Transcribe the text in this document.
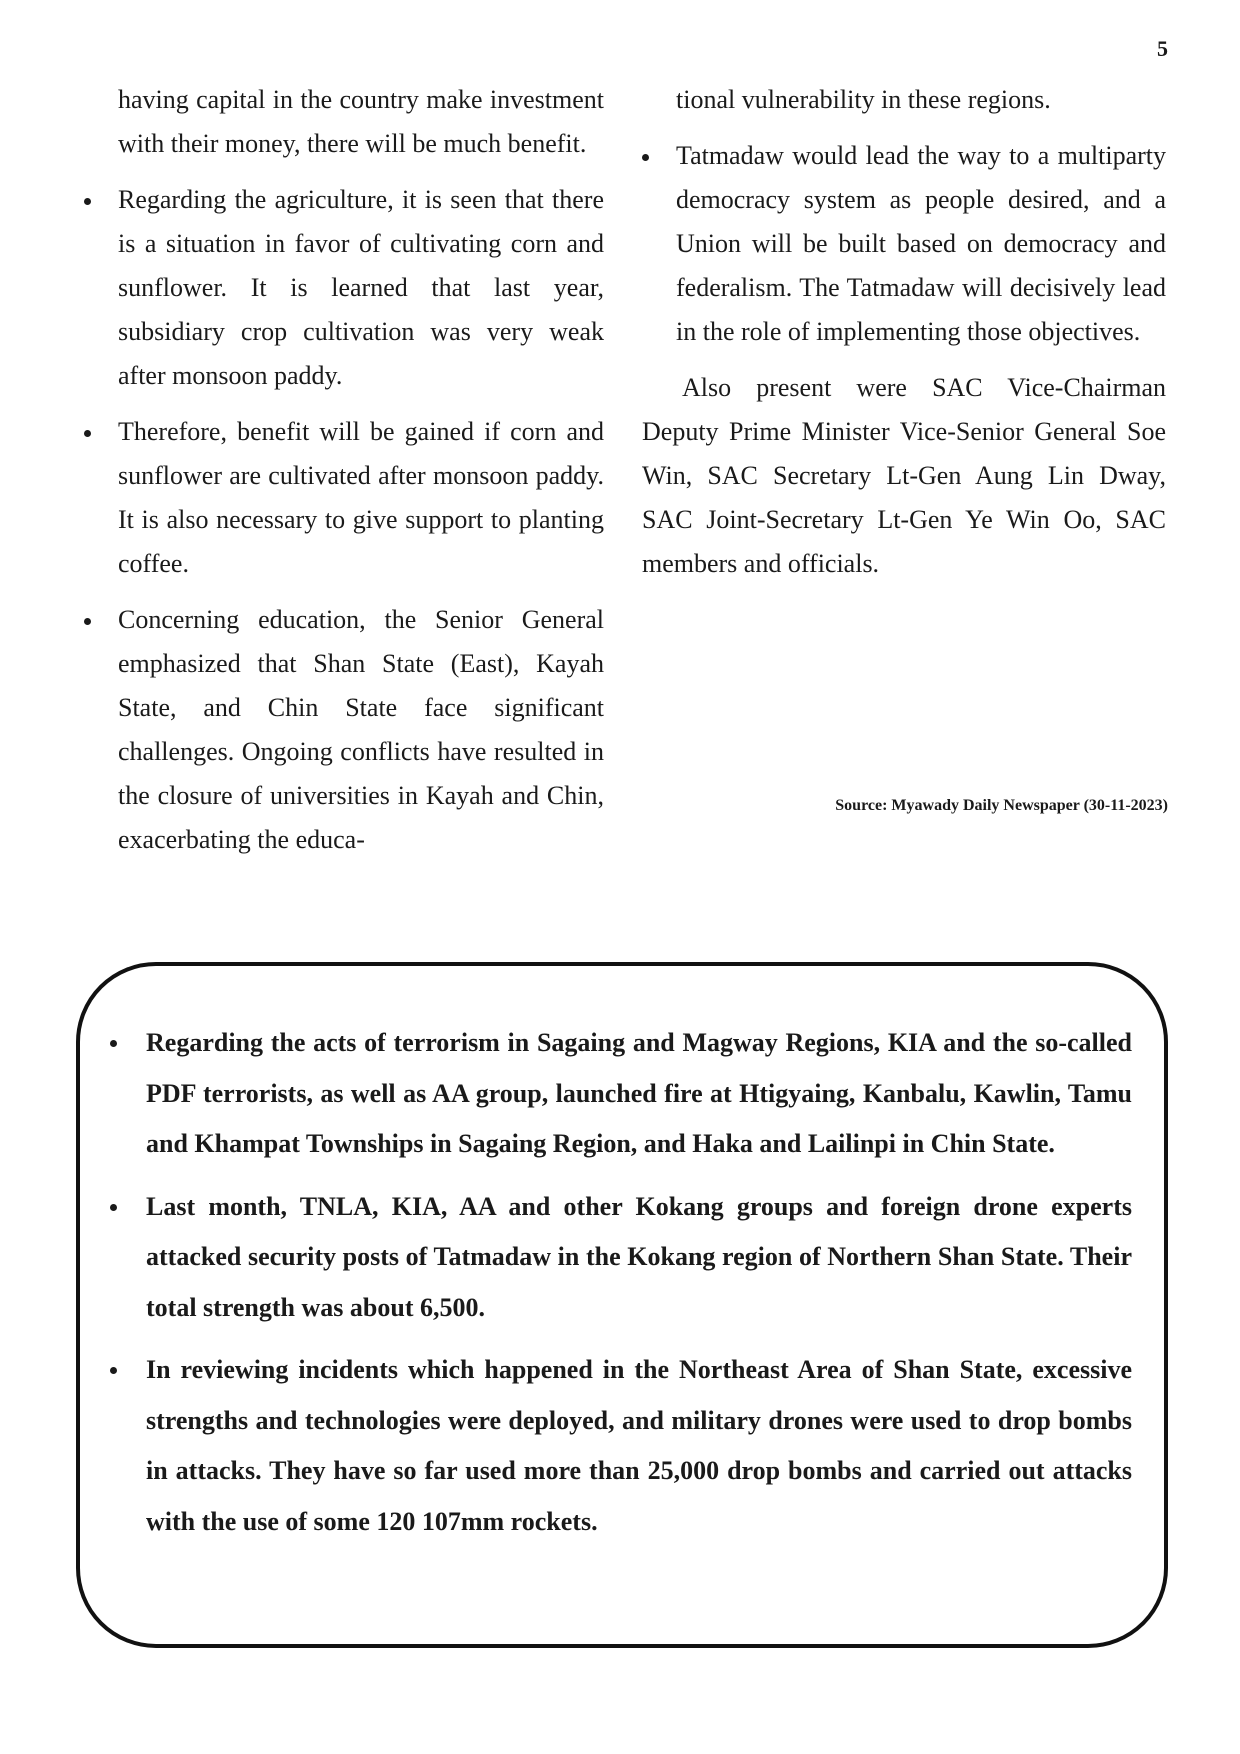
5

having capital in the country make investment with their money, there will be much benefit.

Regarding the agriculture, it is seen that there is a situation in favor of cultivating corn and sunflower. It is learned that last year, subsidiary crop cultivation was very weak after monsoon paddy.
Therefore, benefit will be gained if corn and sunflower are cultivated after monsoon paddy. It is also necessary to give support to planting coffee.
Concerning education, the Senior General emphasized that Shan State (East), Kayah State, and Chin State face significant challenges. Ongoing conflicts have resulted in the closure of universities in Kayah and Chin, exacerbating the educa-

tional vulnerability in these regions.

Tatmadaw would lead the way to a multiparty democracy system as people desired, and a Union will be built based on democracy and federalism. The Tatmadaw will decisively lead in the role of implementing those objectives.

Also present were SAC Vice-Chairman Deputy Prime Minister Vice-Senior General Soe Win, SAC Secretary Lt-Gen Aung Lin Dway, SAC Joint-Secretary Lt-Gen Ye Win Oo, SAC members and officials.

Source: Myawady Daily Newspaper (30-11-2023)
Regarding the acts of terrorism in Sagaing and Magway Regions, KIA and the so-called PDF terrorists, as well as AA group, launched fire at Htigyaing, Kanbalu, Kawlin, Tamu and Khampat Townships in Sagaing Region, and Haka and Lailinpi in Chin State.
Last month, TNLA, KIA, AA and other Kokang groups and foreign drone experts attacked security posts of Tatmadaw in the Kokang region of Northern Shan State. Their total strength was about 6,500.
In reviewing incidents which happened in the Northeast Area of Shan State, excessive strengths and technologies were deployed, and military drones were used to drop bombs in attacks. They have so far used more than 25,000 drop bombs and carried out attacks with the use of some 120 107mm rockets.
